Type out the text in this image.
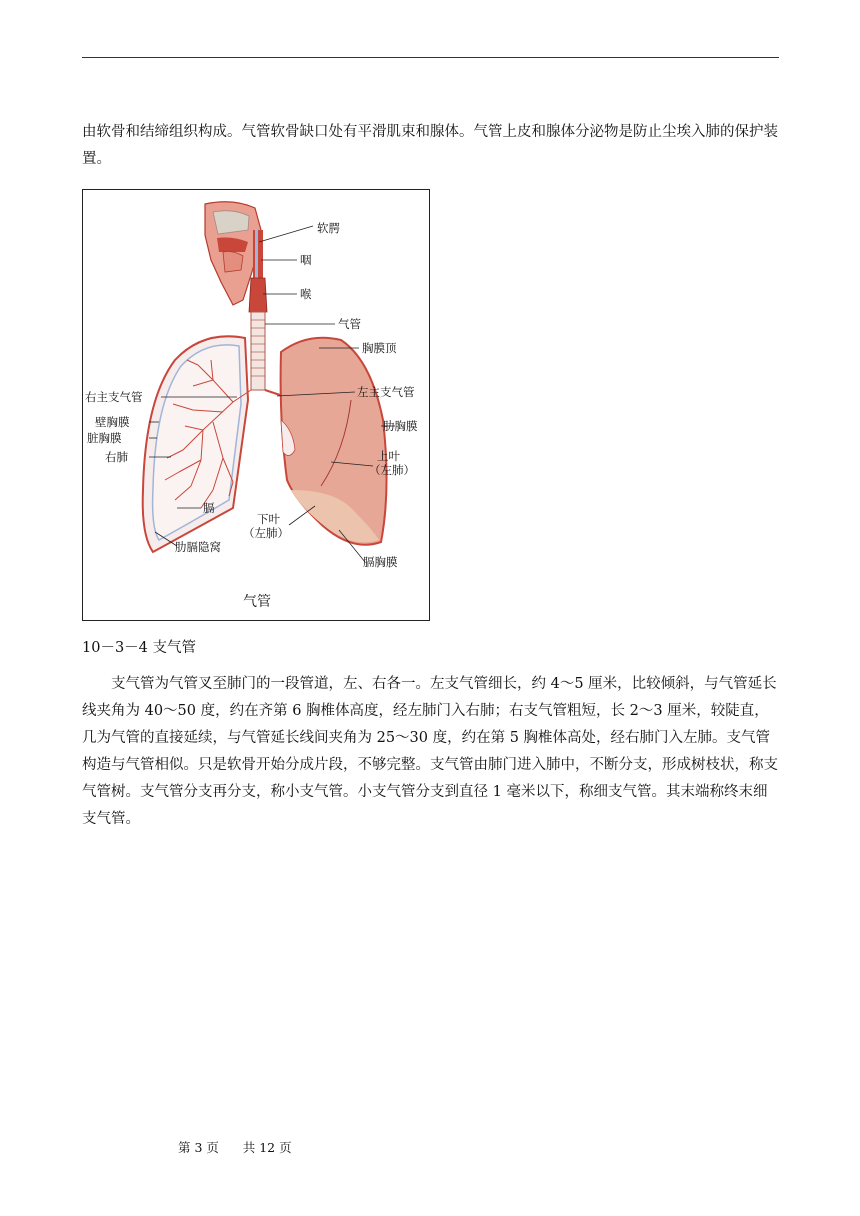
由软骨和结缔组织构成。气管软骨缺口处有平滑肌束和腺体。气管上皮和腺体分泌物是防止尘埃入肺的保护装置。

软腭
咽
喉
气管
胸膜顶
右主支气管	左主支气管
壁胸膜	肋胸膜
脏胸膜
右肺	上叶
（左肺）
膈
下叶
（左肺）
肋膈隐窝
膈胸膜
气管

10－3－4 支气管

支气管为气管叉至肺门的一段管道，左、右各一。左支气管细长，约 4～5 厘米，比较倾斜，与气管延长线夹角为 40～50 度，约在齐第 6 胸椎体高度，经左肺门入右肺；右支气管粗短，长 2～3 厘米，较陡直，几为气管的直接延续，与气管延长线间夹角为 25～30 度，约在第 5 胸椎体高处，经右肺门入左肺。支气管构造与气管相似。只是软骨开始分成片段，不够完整。支气管由肺门进入肺中，不断分支，形成树枝状，称支气管树。支气管分支再分支，称小支气管。小支气管分支到直径 1 毫米以下，称细支气管。其末端称终末细支气管。

第 3 页 共 12 页
